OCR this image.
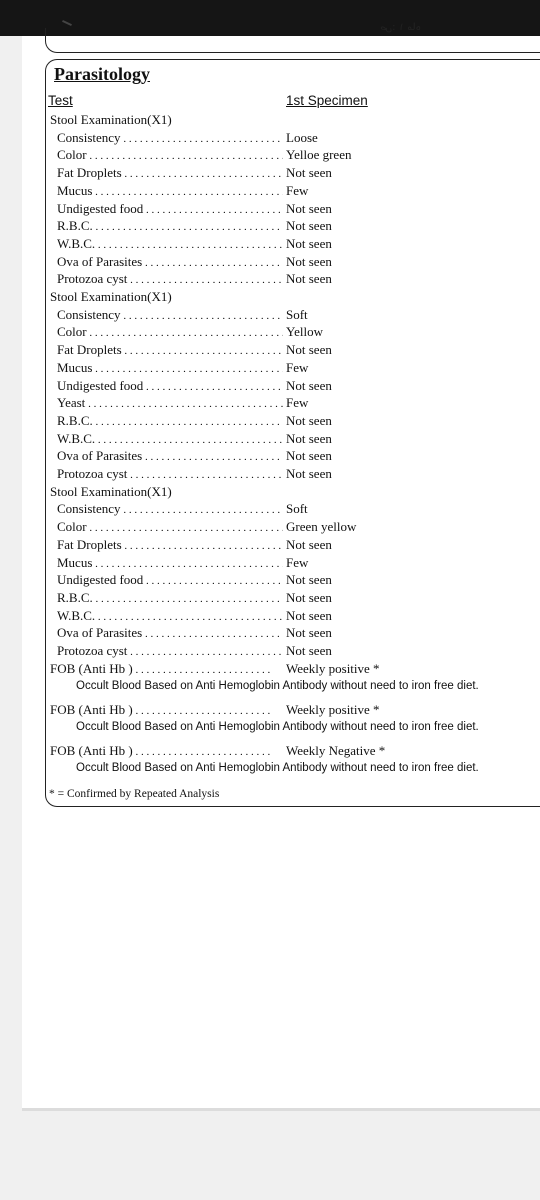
ص: ۱ ماه
Parasitology
Test	1st Specimen
Stool Examination(X1)
Consistency . . .	Loose
Color . . .	Yelloe green
Fat Droplets . . .	Not seen
Mucus . . .	Few
Undigested food . . .	Not seen
R.B.C. . . .	Not seen
W.B.C. . . .	Not seen
Ova of Parasites . . .	Not seen
Protozoa cyst . . .	Not seen
Stool Examination(X1)
Consistency . . .	Soft
Color . . .	Yellow
Fat Droplets . . .	Not seen
Mucus . . .	Few
Undigested food . . .	Not seen
Yeast . . .	Few
R.B.C. . . .	Not seen
W.B.C. . . .	Not seen
Ova of Parasites . . .	Not seen
Protozoa cyst . . .	Not seen
Stool Examination(X1)
Consistency . . .	Soft
Color . . .	Green yellow
Fat Droplets . . .	Not seen
Mucus . . .	Few
Undigested food . . .	Not seen
R.B.C. . . .	Not seen
W.B.C. . . .	Not seen
Ova of Parasites . . .	Not seen
Protozoa cyst . . .	Not seen
FOB (Anti Hb ) . . .	Weekly positive *
Occult Blood Based on Anti Hemoglobin Antibody without need to iron free diet.
FOB (Anti Hb ) . . .	Weekly positive *
Occult Blood Based on Anti Hemoglobin Antibody without need to iron free diet.
FOB (Anti Hb ) . . .	Weekly Negative *
Occult Blood Based on Anti Hemoglobin Antibody without need to iron free diet.
* = Confirmed by Repeated Analysis
